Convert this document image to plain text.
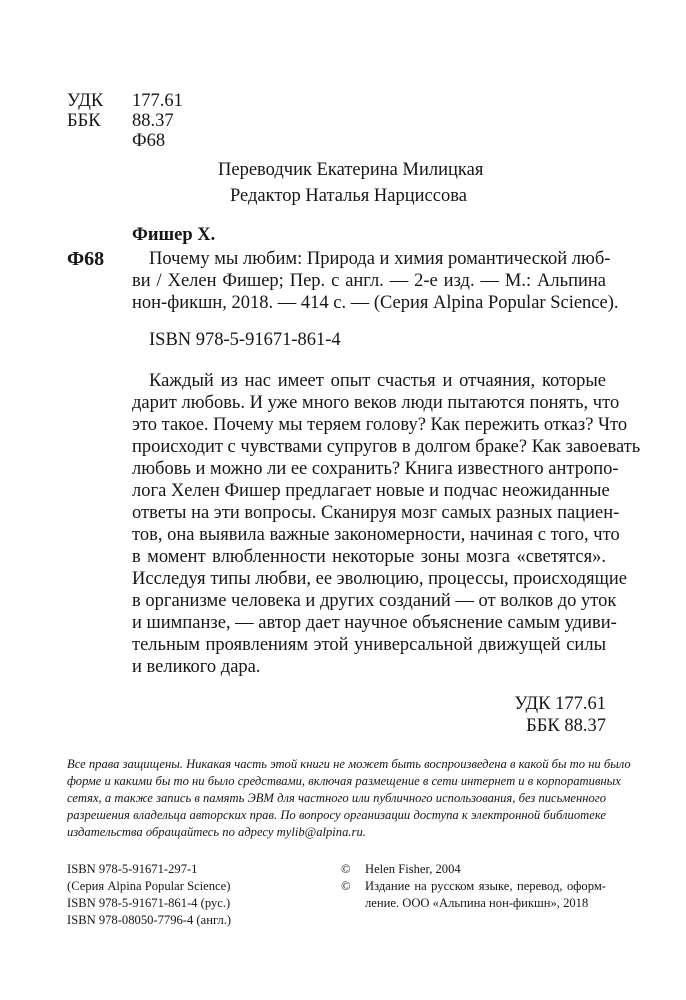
УДК 177.61
ББК 88.37
Ф68
Переводчик Екатерина Милицкая
Редактор Наталья Нарциссова
Фишер Х.
Ф68 Почему мы любим: Природа и химия романтической люб-
ви / Хелен Фишер; Пер. с англ. — 2-е изд. — М.: Альпина
нон-фикшн, 2018. — 414 с. — (Серия Alpina Popular Science).
ISBN 978-5-91671-861-4
Каждый из нас имеет опыт счастья и отчаяния, которые
дарит любовь. И уже много веков люди пытаются понять, что
это такое. Почему мы теряем голову? Как пережить отказ? Что
происходит с чувствами супругов в долгом браке? Как завоевать
любовь и можно ли ее сохранить? Книга известного антропо-
лога Хелен Фишер предлагает новые и подчас неожиданные
ответы на эти вопросы. Сканируя мозг самых разных пациен-
тов, она выявила важные закономерности, начиная с того, что
в момент влюбленности некоторые зоны мозга «светятся».
Исследуя типы любви, ее эволюцию, процессы, происходящие
в организме человека и других созданий — от волков до уток
и шимпанзе, — автор дает научное объяснение самым удиви-
тельным проявлениям этой универсальной движущей силы
и великого дара.
УДК 177.61
ББК 88.37
Все права защищены. Никакая часть этой книги не может быть воспроизведена в какой бы то ни было
форме и какими бы то ни было средствами, включая размещение в сети интернет и в корпоративных
сетях, а также запись в память ЭВМ для частного или публичного использования, без письменного
разрешения владельца авторских прав. По вопросу организации доступа к электронной библиотеке
издательства обращайтесь по адресу mylib@alpina.ru.
ISBN 978-5-91671-297-1
(Серия Alpina Popular Science)
ISBN 978-5-91671-861-4 (рус.)
ISBN 978-08050-7796-4 (англ.)
© Helen Fisher, 2004
© Издание на русском языке, перевод, оформ-
ление. ООО «Альпина нон-фикшн», 2018
